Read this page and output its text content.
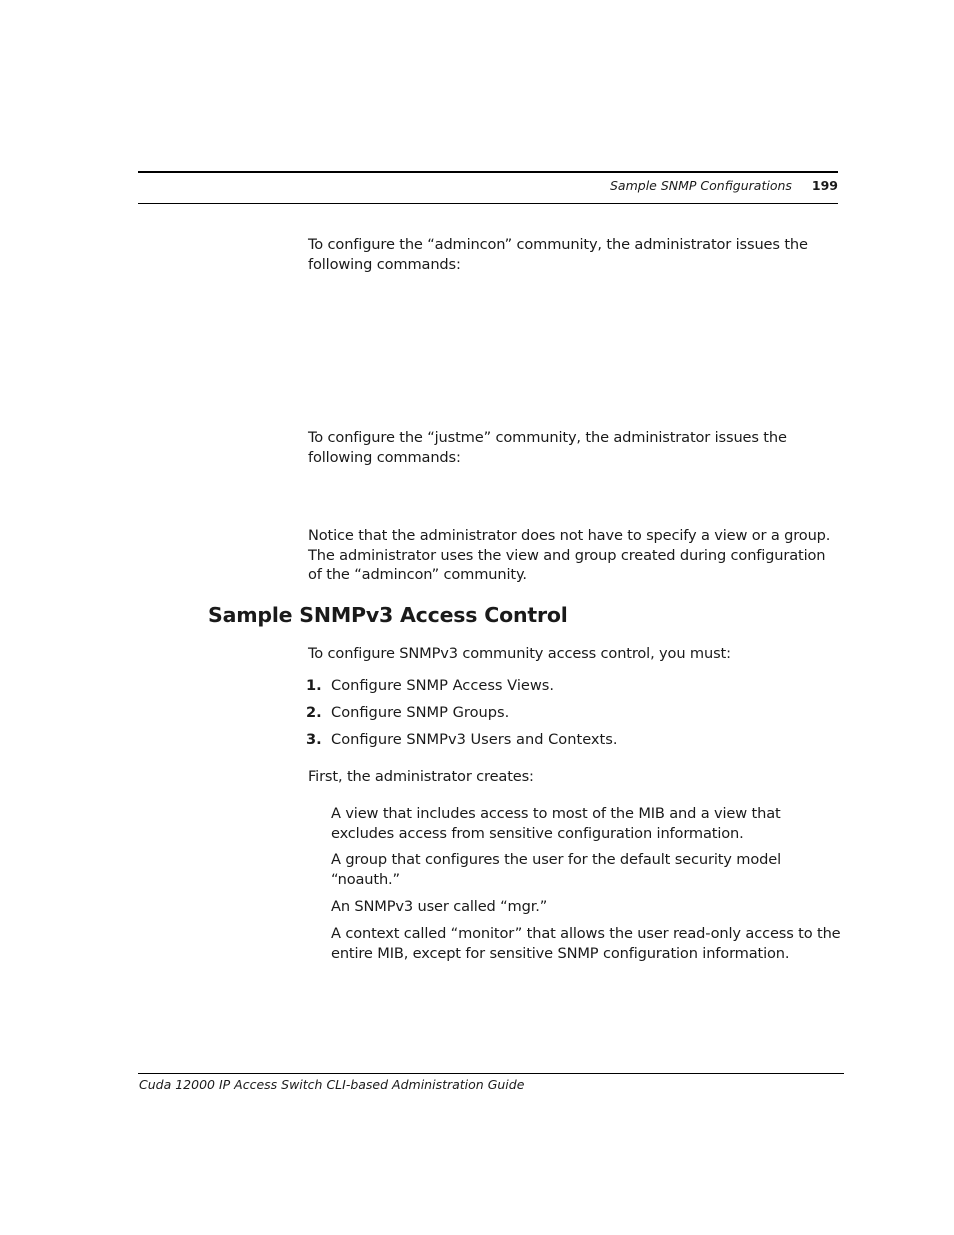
Sample SNMP Configurations 199

To configure the “admincon” community, the administrator issues the following commands:

To configure the “justme” community, the administrator issues the following commands:

Notice that the administrator does not have to specify a view or a group. The administrator uses the view and group created during configuration of the “admincon” community.

Sample SNMPv3 Access Control

To configure SNMPv3 community access control, you must:

1. Configure SNMP Access Views.
2. Configure SNMP Groups.
3. Configure SNMPv3 Users and Contexts.

First, the administrator creates:

A view that includes access to most of the MIB and a view that excludes access from sensitive configuration information.
A group that configures the user for the default security model “noauth.”
An SNMPv3 user called “mgr.”
A context called “monitor” that allows the user read-only access to the entire MIB, except for sensitive SNMP configuration information.
Cuda 12000 IP Access Switch CLI-based Administration Guide
